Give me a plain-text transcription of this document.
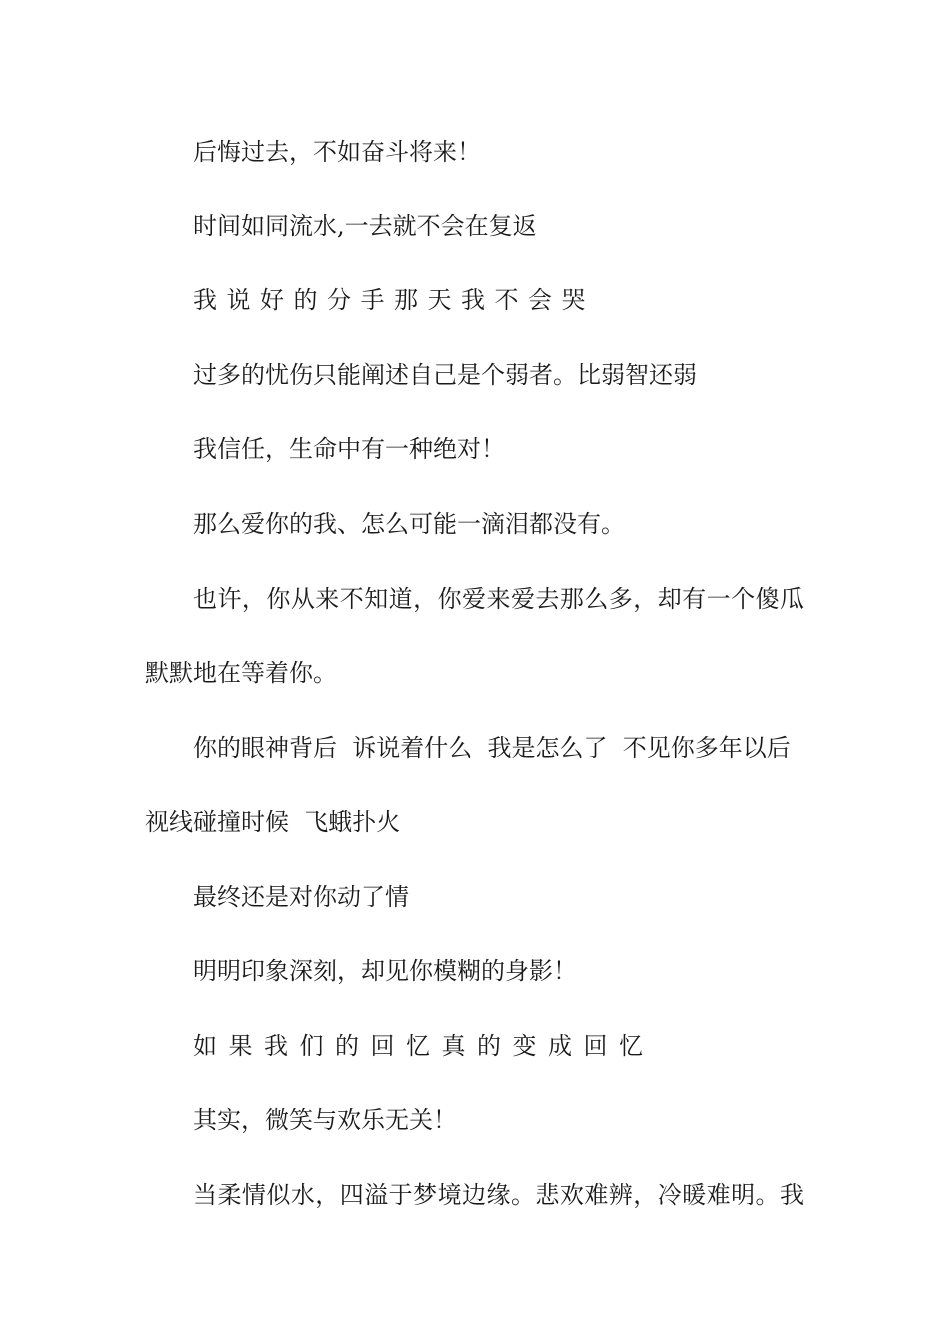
后悔过去，不如奋斗将来！
时间如同流水,一去就不会在复返
我说好的分手那天我不会哭
过多的忧伤只能阐述自己是个弱者。比弱智还弱
我信任，生命中有一种绝对！
那么爱你的我、怎么可能一滴泪都没有。
也许，你从来不知道，你爱来爱去那么多，却有一个傻瓜
默默地在等着你。
你的眼神背后  诉说着什么  我是怎么了  不见你多年以后
视线碰撞时候  飞蛾扑火
最终还是对你动了情
明明印象深刻，却见你模糊的身影！
如果我们的回忆真的变成回忆
其实，微笑与欢乐无关！
当柔情似水，四溢于梦境边缘。悲欢难辨，冷暖难明。我
